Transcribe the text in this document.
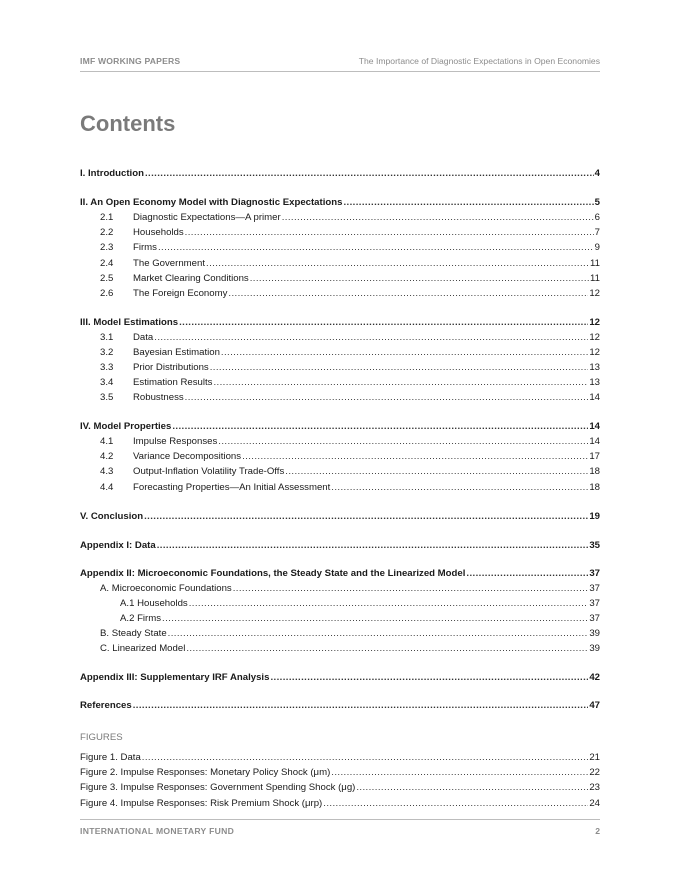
IMF WORKING PAPERS	The Importance of Diagnostic Expectations in Open Economies
Contents
I. Introduction .....	4
II. An Open Economy Model with Diagnostic Expectations .....	5
2.1	Diagnostic Expectations—A primer .....	6
2.2	Households .....	7
2.3	Firms .....	9
2.4	The Government .....	11
2.5	Market Clearing Conditions .....	11
2.6	The Foreign Economy .....	12
III. Model Estimations .....	12
3.1	Data .....	12
3.2	Bayesian Estimation .....	12
3.3	Prior Distributions .....	13
3.4	Estimation Results .....	13
3.5	Robustness .....	14
IV. Model Properties .....	14
4.1	Impulse Responses .....	14
4.2	Variance Decompositions .....	17
4.3	Output-Inflation Volatility Trade-Offs .....	18
4.4	Forecasting Properties—An Initial Assessment .....	18
V. Conclusion .....	19
Appendix I: Data .....	35
Appendix II: Microeconomic Foundations, the Steady State and the Linearized Model .....	37
A. Microeconomic Foundations .....	37
A.1 Households .....	37
A.2 Firms .....	37
B. Steady State .....	39
C. Linearized Model .....	39
Appendix III: Supplementary IRF Analysis .....	42
References .....	47
FIGURES
Figure 1. Data .....	21
Figure 2. Impulse Responses: Monetary Policy Shock (μm) .....	22
Figure 3. Impulse Responses: Government Spending Shock (μg) .....	23
Figure 4. Impulse Responses: Risk Premium Shock (μrp) .....	24
INTERNATIONAL MONETARY FUND	2
